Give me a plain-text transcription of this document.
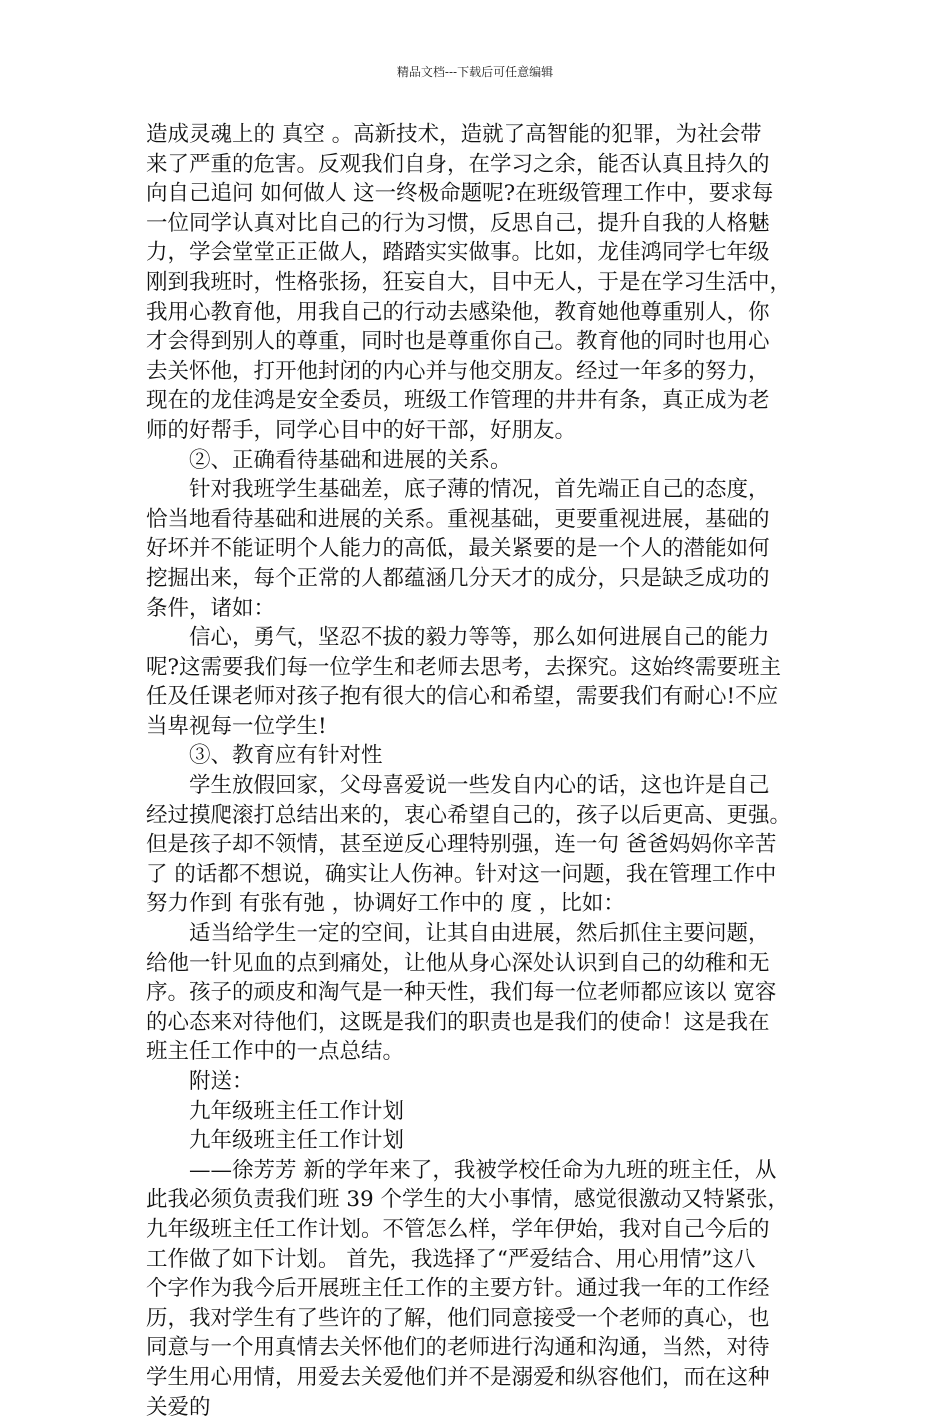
精品文档---下载后可任意编辑
造成灵魂上的 真空 。高新技术，造就了高智能的犯罪，为社会带
来了严重的危害。反观我们自身，在学习之余，能否认真且持久的
向自己追问 如何做人 这一终极命题呢?在班级管理工作中，要求每
一位同学认真对比自己的行为习惯，反思自己，提升自我的人格魅
力，学会堂堂正正做人，踏踏实实做事。比如，龙佳鸿同学七年级
刚到我班时，性格张扬，狂妄自大，目中无人，于是在学习生活中，
我用心教育他，用我自己的行动去感染他，教育她他尊重别人，你
才会得到别人的尊重，同时也是尊重你自己。教育他的同时也用心
去关怀他，打开他封闭的内心并与他交朋友。经过一年多的努力，
现在的龙佳鸿是安全委员，班级工作管理的井井有条，真正成为老
师的好帮手，同学心目中的好干部，好朋友。
②、正确看待基础和进展的关系。
针对我班学生基础差，底子薄的情况，首先端正自己的态度，
恰当地看待基础和进展的关系。重视基础，更要重视进展，基础的
好坏并不能证明个人能力的高低，最关紧要的是一个人的潜能如何
挖掘出来，每个正常的人都蕴涵几分天才的成分，只是缺乏成功的
条件，诸如：
信心，勇气，坚忍不拔的毅力等等，那么如何进展自己的能力
呢?这需要我们每一位学生和老师去思考，去探究。这始终需要班主
任及任课老师对孩子抱有很大的信心和希望，需要我们有耐心!不应
当卑视每一位学生!
③、教育应有针对性
学生放假回家，父母喜爱说一些发自内心的话，这也许是自己
经过摸爬滚打总结出来的，衷心希望自己的，孩子以后更高、更强。
但是孩子却不领情，甚至逆反心理特别强，连一句 爸爸妈妈你辛苦
了 的话都不想说，确实让人伤神。针对这一问题，我在管理工作中
努力作到 有张有弛 ，协调好工作中的 度 ，比如：
适当给学生一定的空间，让其自由进展，然后抓住主要问题，
给他一针见血的点到痛处，让他从身心深处认识到自己的幼稚和无
序。孩子的顽皮和淘气是一种天性，我们每一位老师都应该以 宽容
的心态来对待他们，这既是我们的职责也是我们的使命！这是我在
班主任工作中的一点总结。
附送：
九年级班主任工作计划
九年级班主任工作计划
——徐芳芳 新的学年来了，我被学校任命为九班的班主任，从
此我必须负责我们班 39 个学生的大小事情，感觉很激动又特紧张，
九年级班主任工作计划。不管怎么样，学年伊始，我对自己今后的
工作做了如下计划。 首先，我选择了“严爱结合、用心用情”这八
个字作为我今后开展班主任工作的主要方针。通过我一年的工作经
历，我对学生有了些许的了解，他们同意接受一个老师的真心，也
同意与一个用真情去关怀他们的老师进行沟通和沟通，当然，对待
学生用心用情，用爱去关爱他们并不是溺爱和纵容他们，而在这种
关爱的
